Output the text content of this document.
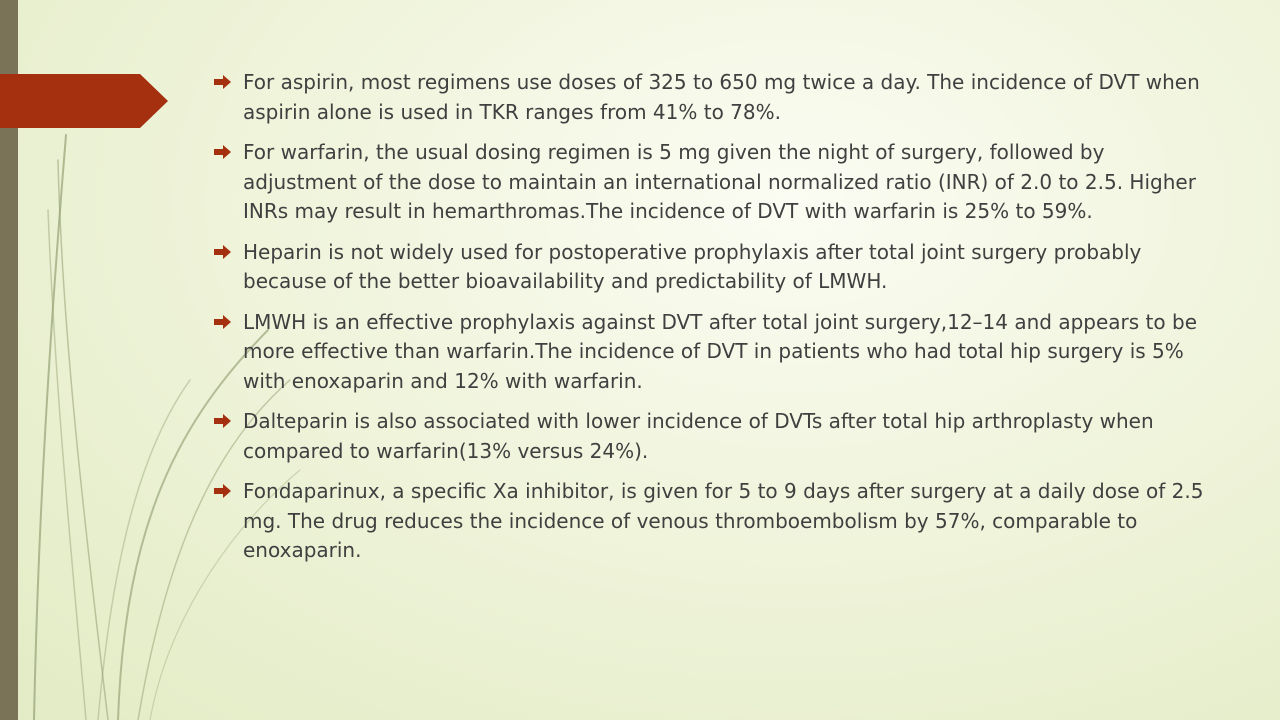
For aspirin, most regimens use doses of 325 to 650 mg twice a day. The incidence of DVT when aspirin alone is used in TKR ranges from 41% to 78%.
For warfarin, the usual dosing regimen is 5 mg given the night of surgery, followed by adjustment of the dose to maintain an international normalized ratio (INR) of 2.0 to 2.5. Higher INRs may result in hemarthromas.The incidence of DVT with warfarin is 25% to 59%.
Heparin is not widely used for postoperative prophylaxis after total joint surgery probably because of the better bioavailability and predictability of LMWH.
LMWH is an effective prophylaxis against DVT after total joint surgery,12–14 and appears to be more effective than warfarin.The incidence of DVT in patients who had total hip surgery is 5% with enoxaparin and 12% with warfarin.
Dalteparin is also associated with lower incidence of DVTs after total hip arthroplasty when compared to warfarin(13% versus 24%).
Fondaparinux, a specific Xa inhibitor, is given for 5 to 9 days after surgery at a daily dose of 2.5 mg. The drug reduces the incidence of venous thromboembolism by 57%, comparable to enoxaparin.
